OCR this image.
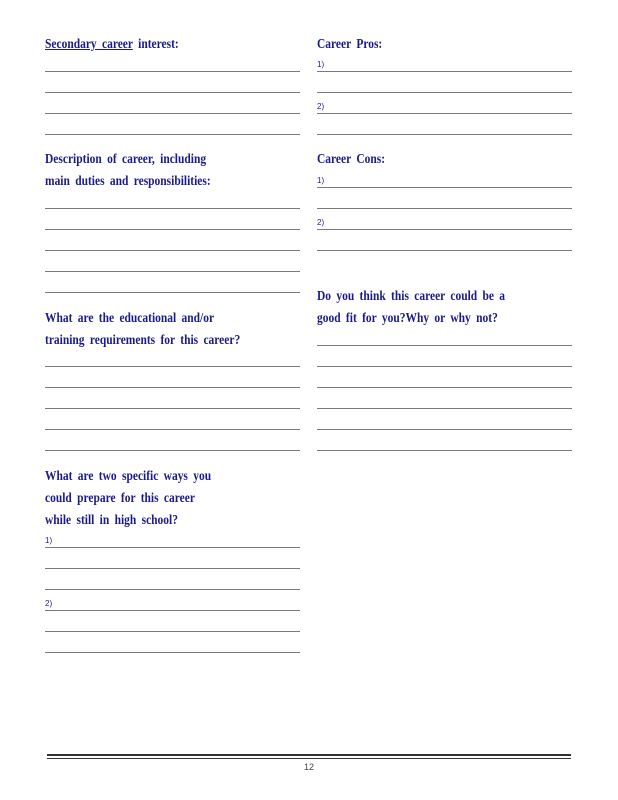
Secondary career interest:

Description of career, including
main duties and responsibilities:

What are the educational and/or
training requirements for this career?

What are two specific ways you
could prepare for this career
while still in high school?

1)
2)

Career Pros:

1)
2)

Career Cons:

1)
2)

Do you think this career could be a
good fit for you?Why or why not?

12
